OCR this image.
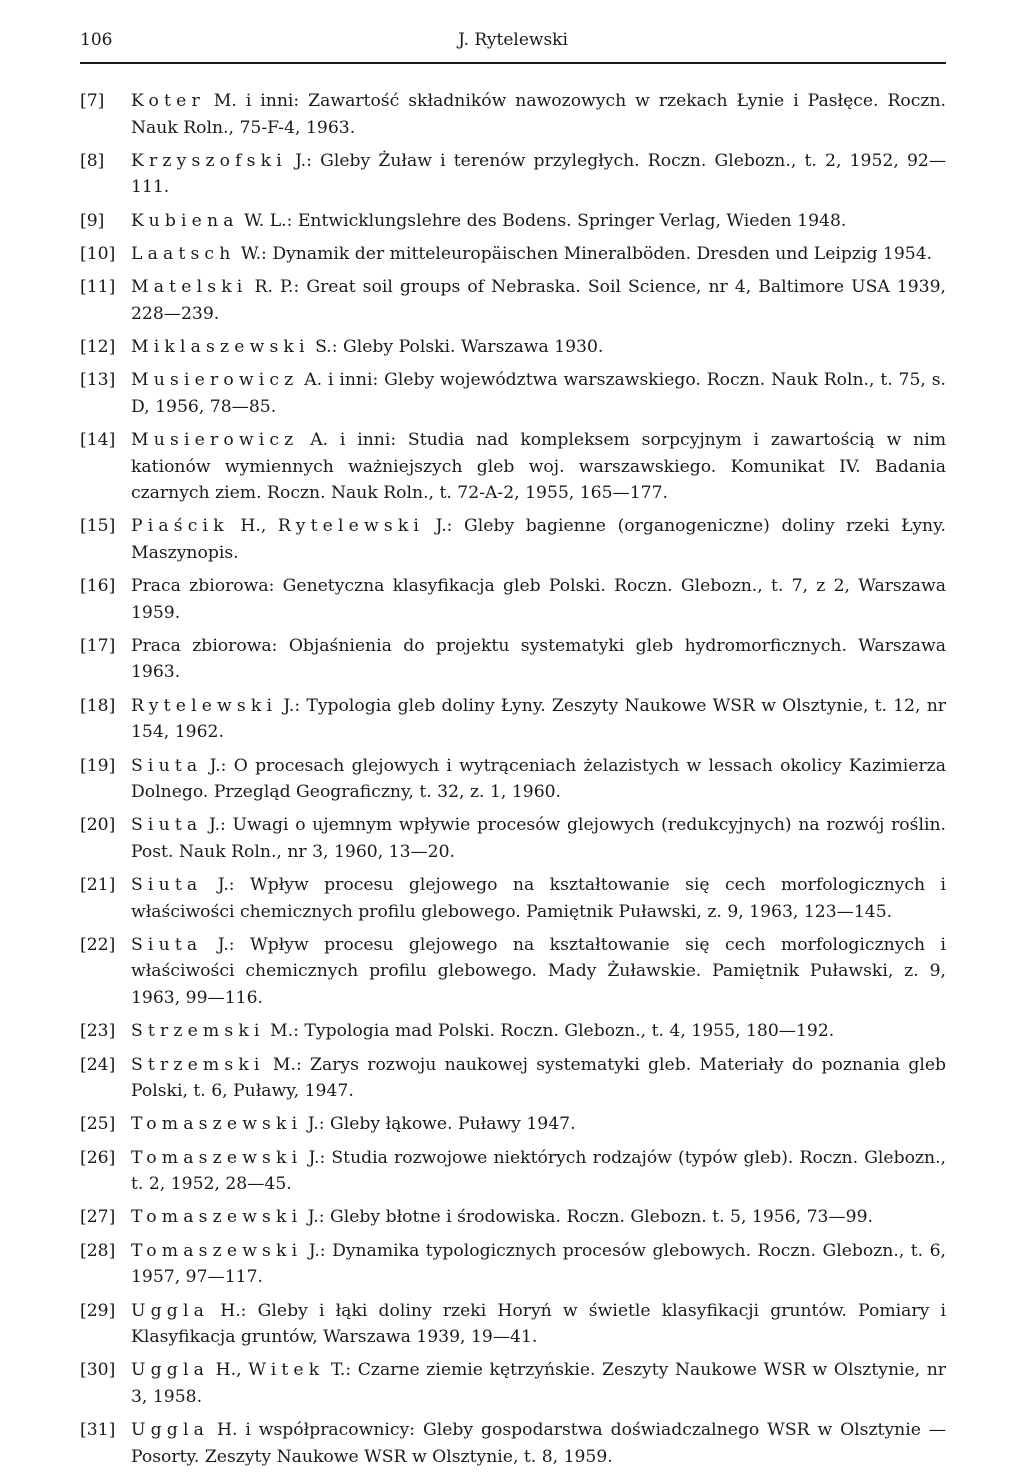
106	J. Rytelewski
[7]	Koter M. i inni: Zawartość składników nawozowych w rzekach Łynie i Pasłęce. Roczn. Nauk Roln., 75-F-4, 1963.
[8]	Krzyszofski J.: Gleby Żuław i terenów przyległych. Roczn. Glebozn., t. 2, 1952, 92—111.
[9]	Kubiena W. L.: Entwicklungslehre des Bodens. Springer Verlag, Wieden 1948.
[10] Laatsch W.: Dynamik der mitteleuropäischen Mineralböden. Dresden und Leipzig 1954.
[11] Matelski R. P.: Great soil groups of Nebraska. Soil Science, nr 4, Baltimore USA 1939, 228—239.
[12] Miklaszewski S.: Gleby Polski. Warszawa 1930.
[13] Musierowicz A. i inni: Gleby województwa warszawskiego. Roczn. Nauk Roln., t. 75, s. D, 1956, 78—85.
[14] Musierowicz A. i inni: Studia nad kompleksem sorpcyjnym i zawartością w nim kationów wymiennych ważniejszych gleb woj. warszawskiego. Komunikat IV. Badania czarnych ziem. Roczn. Nauk Roln., t. 72-A-2, 1955, 165—177.
[15] Piaścik H., Rytelewski J.: Gleby bagienne (organogeniczne) doliny rzeki Łyny. Maszynopis.
[16] Praca zbiorowa: Genetyczna klasyfikacja gleb Polski. Roczn. Glebozn., t. 7, z 2, Warszawa 1959.
[17] Praca zbiorowa: Objaśnienia do projektu systematyki gleb hydromorficznych. Warszawa 1963.
[18] Rytelewski J.: Typologia gleb doliny Łyny. Zeszyty Naukowe WSR w Olsztynie, t. 12, nr 154, 1962.
[19] Siuta J.: O procesach glejowych i wytrąceniach żelazistych w lessach okolicy Kazimierza Dolnego. Przegląd Geograficzny, t. 32, z. 1, 1960.
[20] Siuta J.: Uwagi o ujemnym wpływie procesów glejowych (redukcyjnych) na rozwój roślin. Post. Nauk Roln., nr 3, 1960, 13—20.
[21] Siuta J.: Wpływ procesu glejowego na kształtowanie się cech morfologicznych i właściwości chemicznych profilu glebowego. Pamiętnik Puławski, z. 9, 1963, 123—145.
[22] Siuta J.: Wpływ procesu glejowego na kształtowanie się cech morfologicznych i właściwości chemicznych profilu glebowego. Mady Żuławskie. Pamiętnik Puławski, z. 9, 1963, 99—116.
[23] Strzemski M.: Typologia mad Polski. Roczn. Glebozn., t. 4, 1955, 180—192.
[24] Strzemski M.: Zarys rozwoju naukowej systematyki gleb. Materiały do poznania gleb Polski, t. 6, Puławy, 1947.
[25] Tomaszewski J.: Gleby łąkowe. Puławy 1947.
[26] Tomaszewski J.: Studia rozwojowe niektórych rodzajów (typów gleb). Roczn. Glebozn., t. 2, 1952, 28—45.
[27] Tomaszewski J.: Gleby błotne i środowiska. Roczn. Glebozn. t. 5, 1956, 73—99.
[28] Tomaszewski J.: Dynamika typologicznych procesów glebowych. Roczn. Glebozn., t. 6, 1957, 97—117.
[29] Uggla H.: Gleby i łąki doliny rzeki Horyń w świetle klasyfikacji gruntów. Pomiary i Klasyfikacja gruntów, Warszawa 1939, 19—41.
[30] Uggla H., Witek T.: Czarne ziemie kętrzyńskie. Zeszyty Naukowe WSR w Olsztynie, nr 3, 1958.
[31] Uggla H. i współpracownicy: Gleby gospodarstwa doświadczalnego WSR w Olsztynie — Posorty. Zeszyty Naukowe WSR w Olsztynie, t. 8, 1959.
